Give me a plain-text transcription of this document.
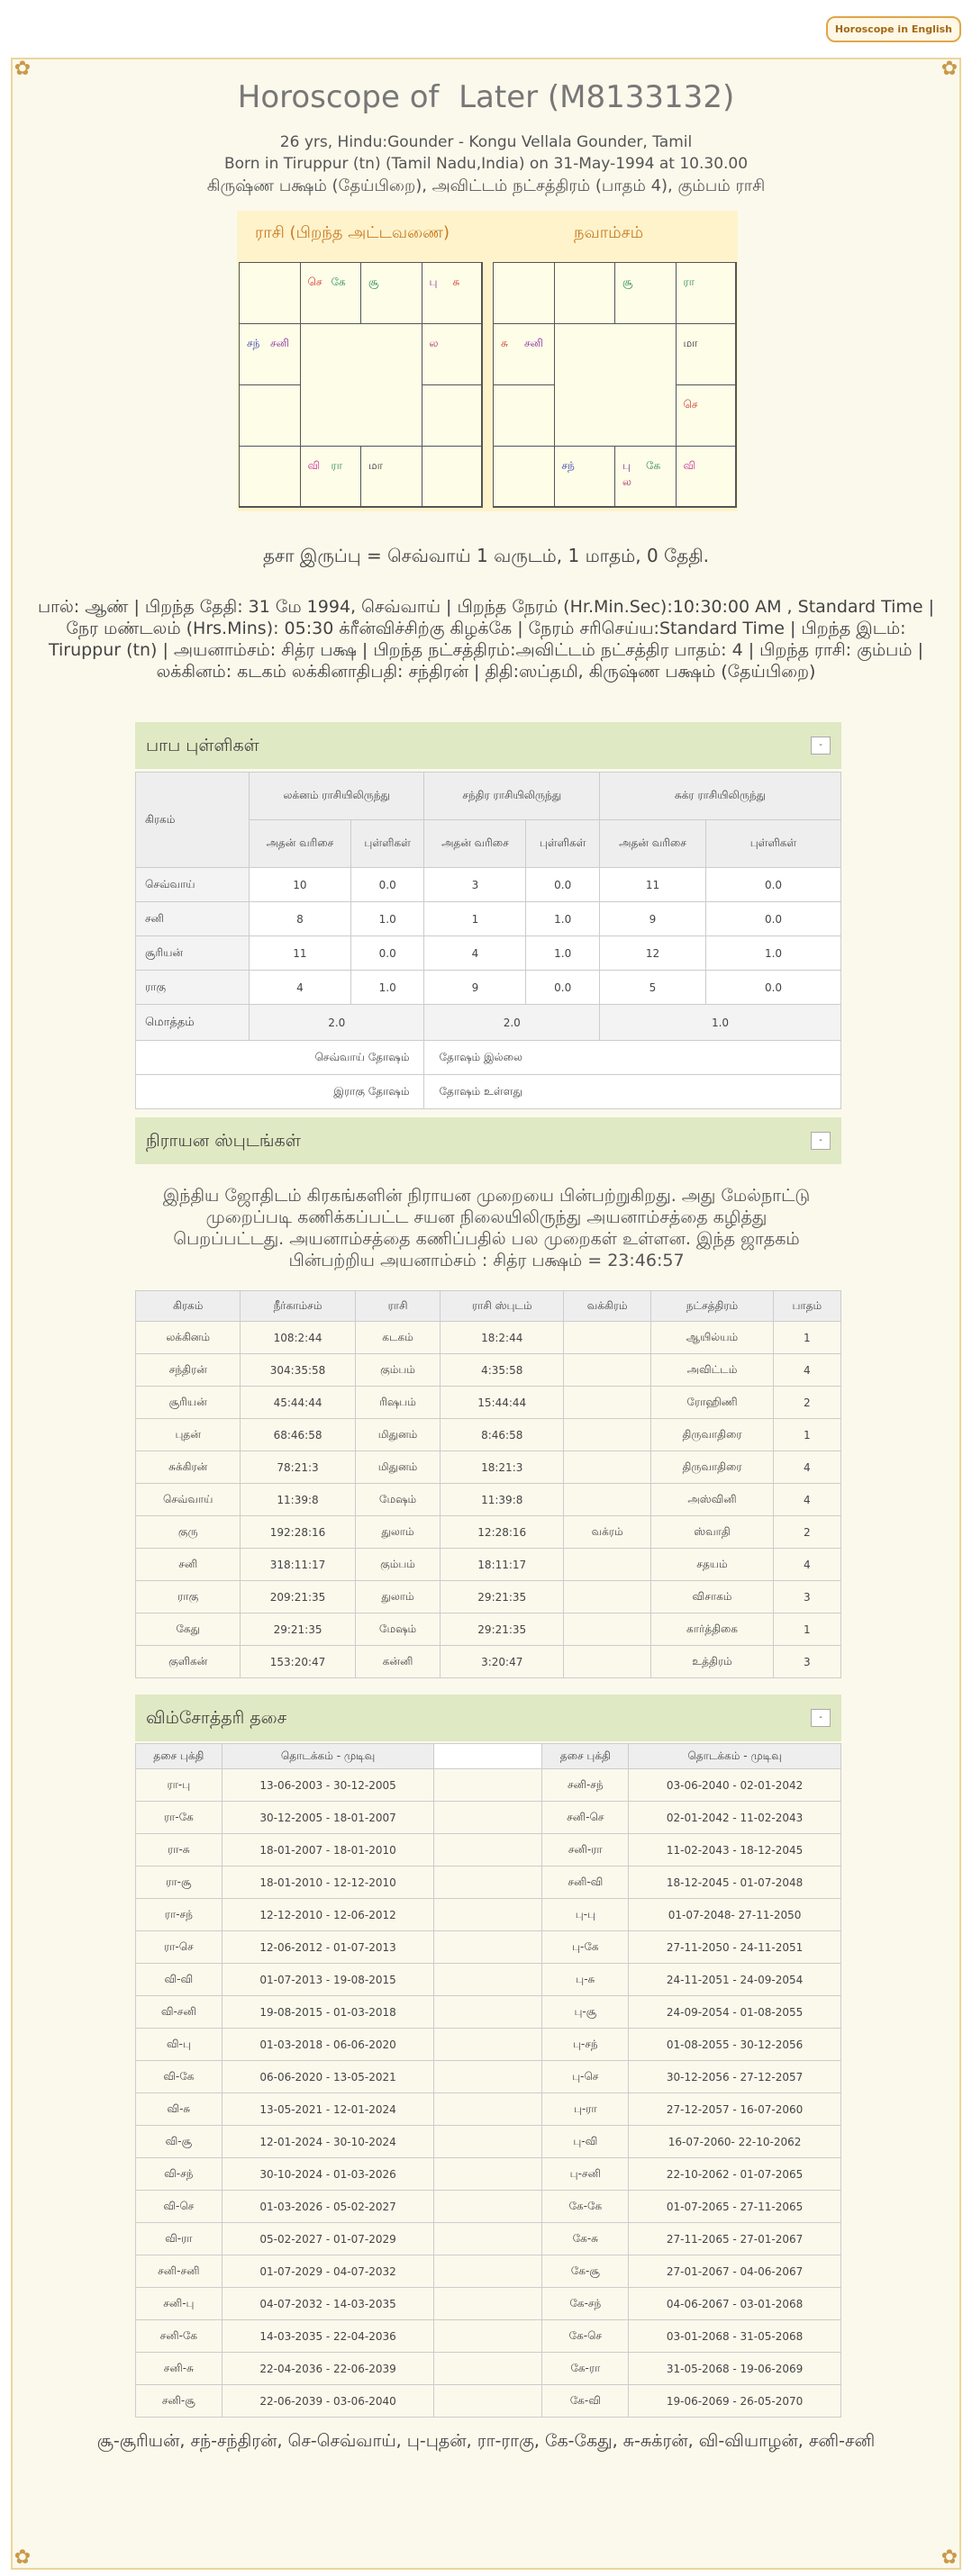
Horoscope in English
✿	✿
✿	✿
Horoscope of Later (M8133132)
26 yrs, Hindu:Gounder - Kongu Vellala Gounder, Tamil
Born in Tiruppur (tn) (Tamil Nadu,India) on 31-May-1994 at 10.30.00
கிருஷ்ண பக்ஷம் (தேய்பிறை), அவிட்டம் நட்சத்திரம் (பாதம் 4), கும்பம் ராசி
ராசி (பிறந்த அட்டவணை)	நவாம்சம்
செ கே சூ	பு சு
ல
மா
வி ரா
சந் சனி
சூ	ரா
மா
செ
வி
பு கே
ல
சந்
சு சனி
தசா இருப்பு = செவ்வாய் 1 வருடம், 1 மாதம், 0 தேதி.
பால்: ஆண் | பிறந்த தேதி: 31 மே 1994, செவ்வாய் | பிறந்த நேரம் (Hr.Min.Sec):10:30:00 AM , Standard Time | நேர மண்டலம் (Hrs.Mins): 05:30 க்ரீன்விச்சிற்கு கிழக்கே | நேரம் சரிசெய்ய:Standard Time | பிறந்த இடம்: Tiruppur (tn) | அயனாம்சம்: சித்ர பக்ஷ | பிறந்த நட்சத்திரம்:அவிட்டம் நட்சத்திர பாதம்: 4 | பிறந்த ராசி: கும்பம் | லக்கினம்: கடகம் லக்கினாதிபதி: சந்திரன் | திதி:ஸப்தமி, கிருஷ்ண பக்ஷம் (தேய்பிறை)
பாப புள்ளிகள்	-
கிரகம்	லக்னம் ராசியிலிருந்து		சந்திர ராசியிலிருந்து		சுக்ர ராசியிலிருந்து	
	அதன் வரிசை	புள்ளிகள்	அதன் வரிசை	புள்ளிகள்	அதன் வரிசை	புள்ளிகள்
செவ்வாய்	10	0.0	3	0.0	11	0.0
சனி	8	1.0	1	1.0	9	0.0
சூரியன்	11	0.0	4	1.0	12	1.0
ராகு	4	1.0	9	0.0	5	0.0
மொத்தம்	2.0		2.0		1.0	
செவ்வாய் தோஷம்			தோஷம் இல்லை			
இராகு தோஷம்			தோஷம் உள்ளது			
நிராயன ஸ்புடங்கள்	-
இந்திய ஜோதிடம் கிரகங்களின் நிராயன முறையை பின்பற்றுகிறது. அது மேல்நாட்டு முறைப்படி கணிக்கப்பட்ட சயன நிலையிலிருந்து அயனாம்சத்தை கழித்து பெறப்பட்டது. அயனாம்சத்தை கணிப்பதில் பல முறைகள் உள்ளன. இந்த ஜாதகம் பின்பற்றிய அயனாம்சம் : சித்ர பக்ஷம் = 23:46:57
கிரகம்	நீர்காம்சம்	ராசி	ராசி ஸ்புடம்	வக்கிரம்	நட்சத்திரம்	பாதம்
லக்கினம்	108:2:44	கடகம்	18:2:44		ஆயில்யம்	1
சந்திரன்	304:35:58	கும்பம்	4:35:58		அவிட்டம்	4
சூரியன்	45:44:44	ரிஷபம்	15:44:44		ரோஹிணி	2
புதன்	68:46:58	மிதுனம்	8:46:58		திருவாதிரை	1
சுக்கிரன்	78:21:3	மிதுனம்	18:21:3		திருவாதிரை	4
செவ்வாய்	11:39:8	மேஷம்	11:39:8		அஸ்வினி	4
குரு	192:28:16	துலாம்	12:28:16	வக்ரம்	ஸ்வாதி	2
சனி	318:11:17	கும்பம்	18:11:17		சதயம்	4
ராகு	209:21:35	துலாம்	29:21:35		விசாகம்	3
கேது	29:21:35	மேஷம்	29:21:35		கார்த்திகை	1
குளிகன்	153:20:47	கன்னி	3:20:47		உத்திரம்	3
விம்சோத்தரி தசை	-
தசை புக்தி	தொடக்கம் - முடிவு		தசை புக்தி	தொடக்கம் - முடிவு
ரா-பு	13-06-2003 - 30-12-2005		சனி-சந்	03-06-2040 - 02-01-2042
ரா-கே	30-12-2005 - 18-01-2007		சனி-செ	02-01-2042 - 11-02-2043
ரா-சு	18-01-2007 - 18-01-2010		சனி-ரா	11-02-2043 - 18-12-2045
ரா-சூ	18-01-2010 - 12-12-2010		சனி-வி	18-12-2045 - 01-07-2048
ரா-சந்	12-12-2010 - 12-06-2012		பு-பு	01-07-2048- 27-11-2050
ரா-செ	12-06-2012 - 01-07-2013		பு-கே	27-11-2050 - 24-11-2051
வி-வி	01-07-2013 - 19-08-2015		பு-சு	24-11-2051 - 24-09-2054
வி-சனி	19-08-2015 - 01-03-2018		பு-சூ	24-09-2054 - 01-08-2055
வி-பு	01-03-2018 - 06-06-2020		பு-சந்	01-08-2055 - 30-12-2056
வி-கே	06-06-2020 - 13-05-2021		பு-செ	30-12-2056 - 27-12-2057
வி-சு	13-05-2021 - 12-01-2024		பு-ரா	27-12-2057 - 16-07-2060
வி-சூ	12-01-2024 - 30-10-2024		பு-வி	16-07-2060- 22-10-2062
வி-சந்	30-10-2024 - 01-03-2026		பு-சனி	22-10-2062 - 01-07-2065
வி-செ	01-03-2026 - 05-02-2027		கே-கே	01-07-2065 - 27-11-2065
வி-ரா	05-02-2027 - 01-07-2029		கே-சு	27-11-2065 - 27-01-2067
சனி-சனி	01-07-2029 - 04-07-2032		கே-சூ	27-01-2067 - 04-06-2067
சனி-பு	04-07-2032 - 14-03-2035		கே-சந்	04-06-2067 - 03-01-2068
சனி-கே	14-03-2035 - 22-04-2036		கே-செ	03-01-2068 - 31-05-2068
சனி-சு	22-04-2036 - 22-06-2039		கே-ரா	31-05-2068 - 19-06-2069
சனி-சூ	22-06-2039 - 03-06-2040		கே-வி	19-06-2069 - 26-05-2070
சூ-சூரியன், சந்-சந்திரன், செ-செவ்வாய், பு-புதன், ரா-ராகு, கே-கேது, சு-சுக்ரன், வி-வியாழன், சனி-சனி
